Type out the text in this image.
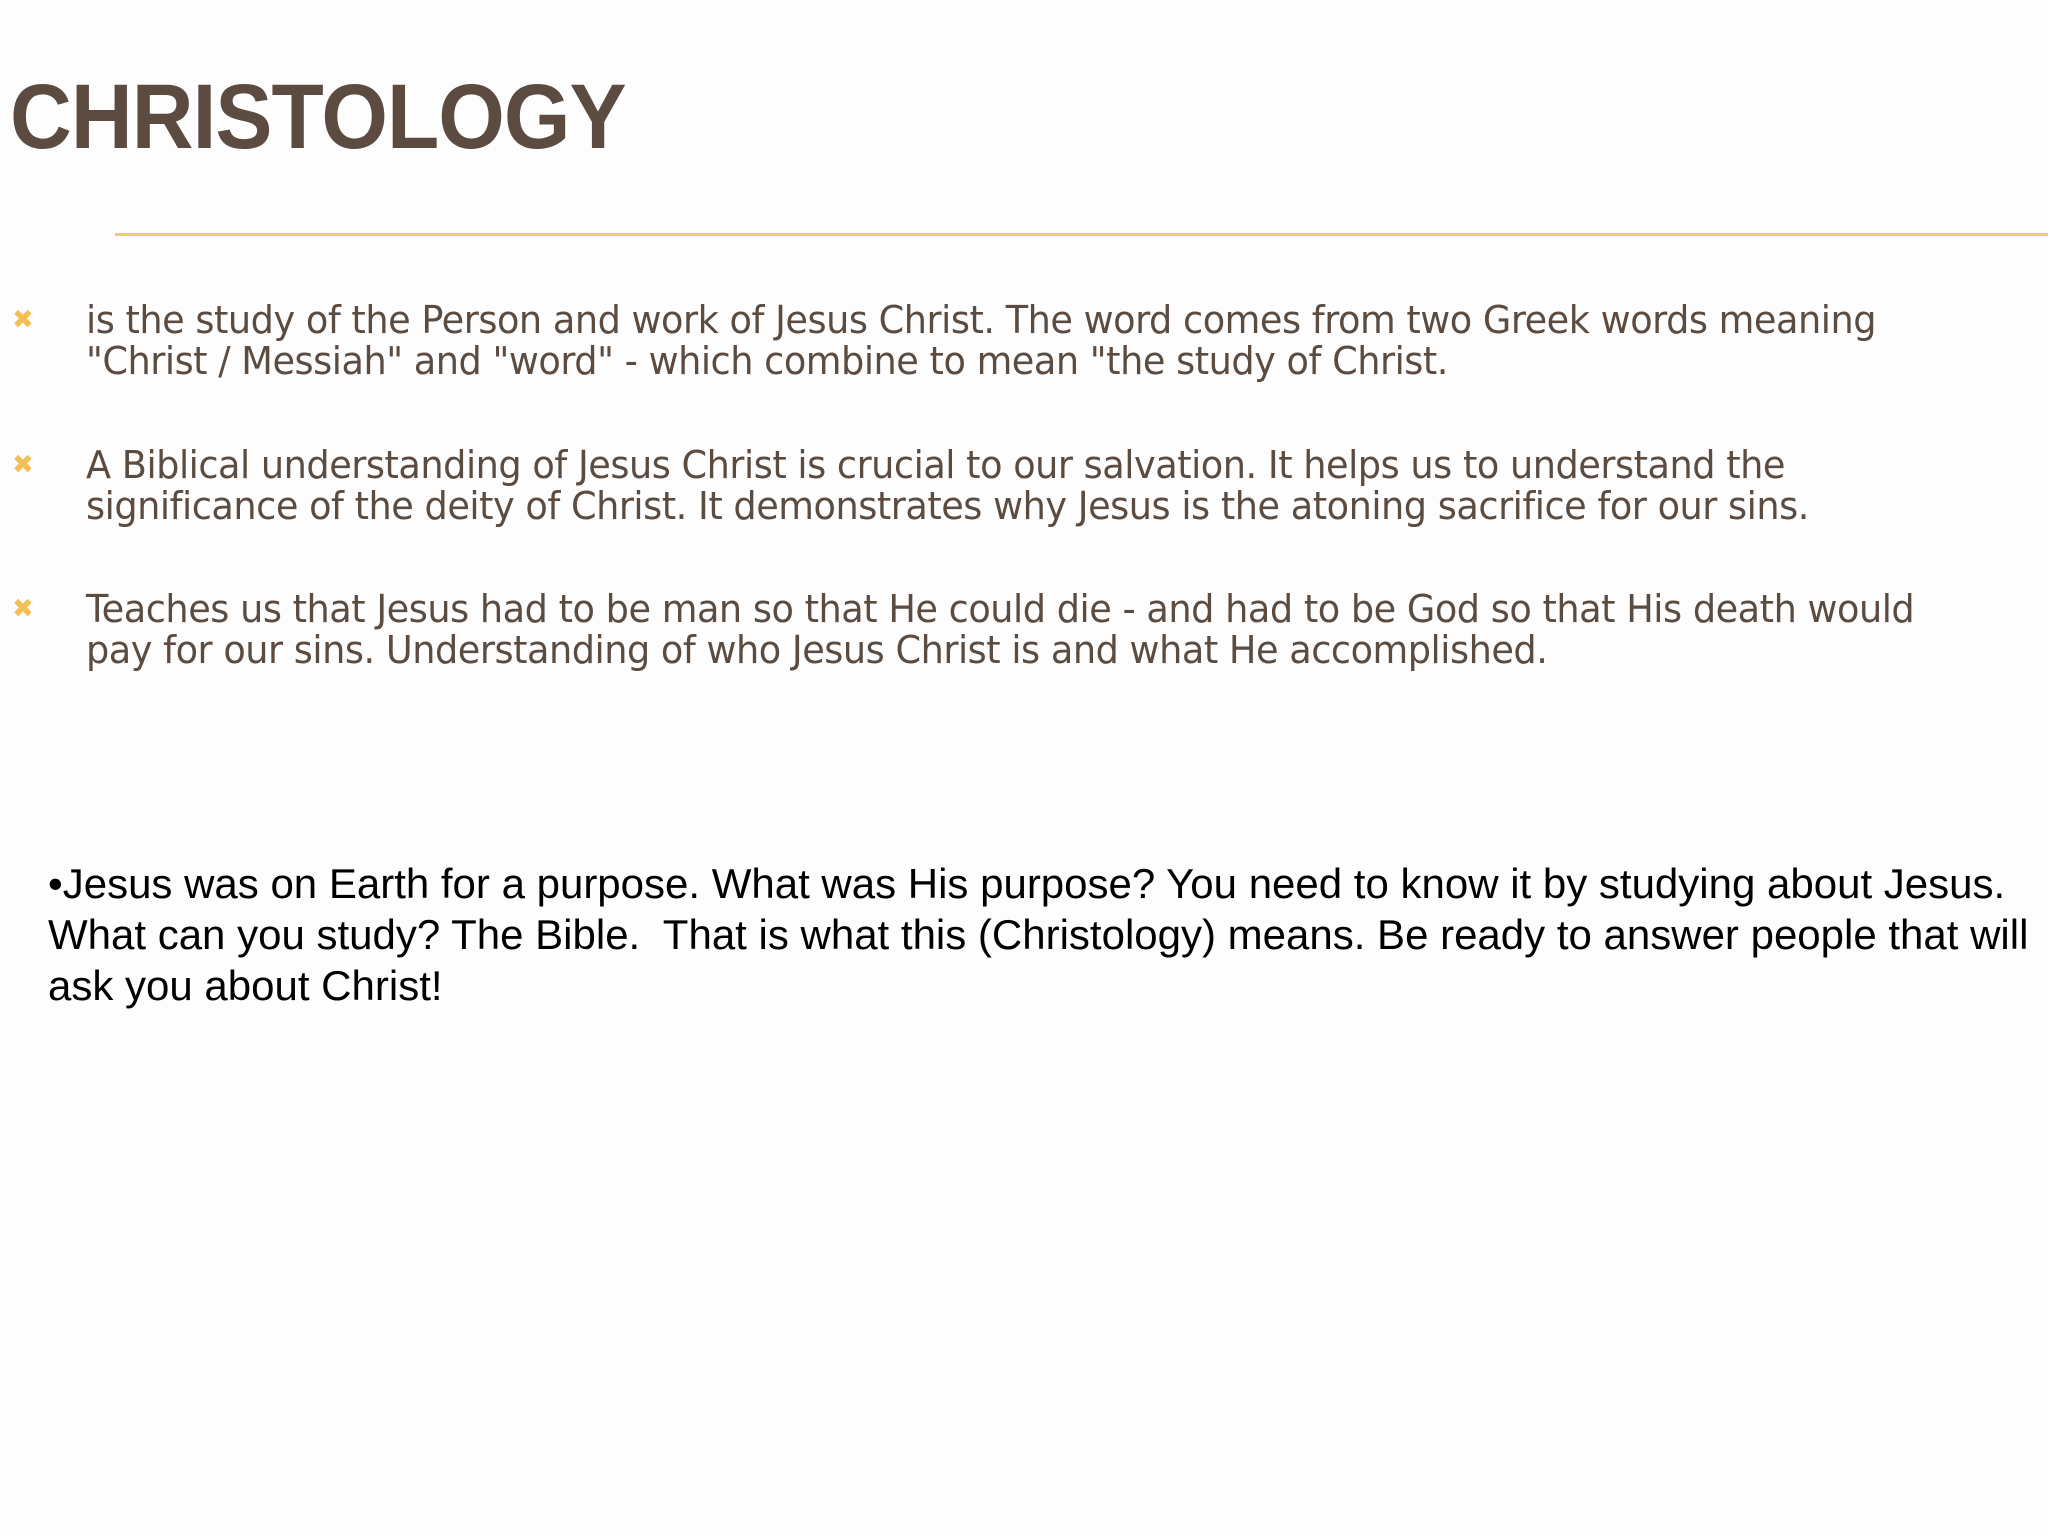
CHRISTOLOGY
✖ is the study of the Person and work of Jesus Christ. The word comes from two Greek words meaning "Christ / Messiah" and "word" - which combine to mean "the study of Christ.
✖ A Biblical understanding of Jesus Christ is crucial to our salvation. It helps us to understand the significance of the deity of Christ. It demonstrates why Jesus is the atoning sacrifice for our sins.
✖ Teaches us that Jesus had to be man so that He could die - and had to be God so that His death would pay for our sins. Understanding of who Jesus Christ is and what He accomplished.

•Jesus was on Earth for a purpose. What was His purpose? You need to know it by studying about Jesus. What can you study? The Bible.  That is what this (Christology) means. Be ready to answer people that will ask you about Christ!
